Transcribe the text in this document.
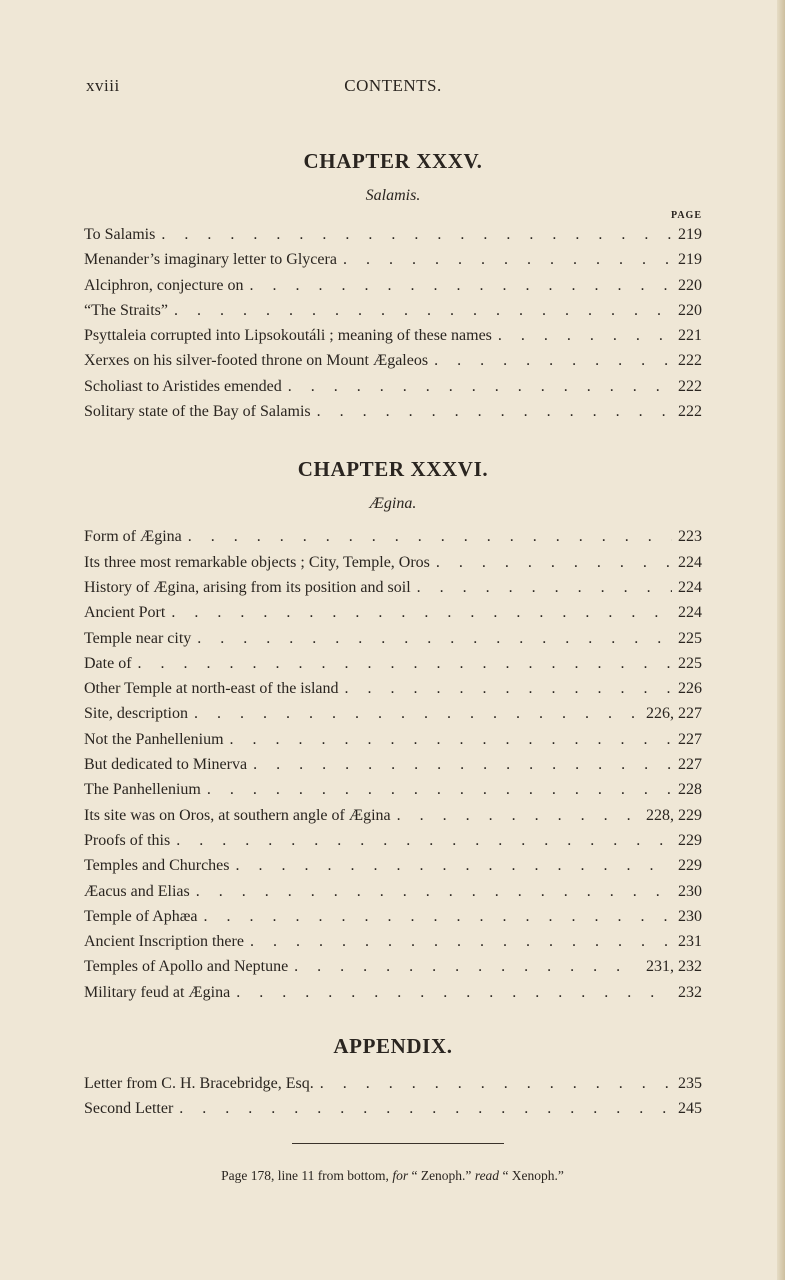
xviii	CONTENTS.
CHAPTER XXXV.
Salamis.
PAGE
To Salamis . . .	219
Menander’s imaginary letter to Glycera . . .	219
Alciphron, conjecture on . . .	220
“The Straits” . . .	220
Psyttaleia corrupted into Lipsokoutáli ; meaning of these names . . .	221
Xerxes on his silver-footed throne on Mount Ægaleos . . .	222
Scholiast to Aristides emended . . .	222
Solitary state of the Bay of Salamis . . .	222
CHAPTER XXXVI.
Ægina.
Form of Ægina . . .	223
Its three most remarkable objects ; City, Temple, Oros . . .	224
History of Ægina, arising from its position and soil . . .	224
Ancient Port . . .	224
Temple near city . . .	225
Date of . . .	225
Other Temple at north-east of the island . . .	226
Site, description . . .	226, 227
Not the Panhellenium . . .	227
But dedicated to Minerva . . .	227
The Panhellenium . . .	228
Its site was on Oros, at southern angle of Ægina . . .	228, 229
Proofs of this . . .	229
Temples and Churches . . .	229
Æacus and Elias . . .	230
Temple of Aphæa . . .	230
Ancient Inscription there . . .	231
Temples of Apollo and Neptune . . .	231, 232
Military feud at Ægina . . .	232
APPENDIX.
Letter from C. H. Bracebridge, Esq. . . .	235
Second Letter . . .	245
Page 178, line 11 from bottom, for “ Zenoph.” read “ Xenoph.”
